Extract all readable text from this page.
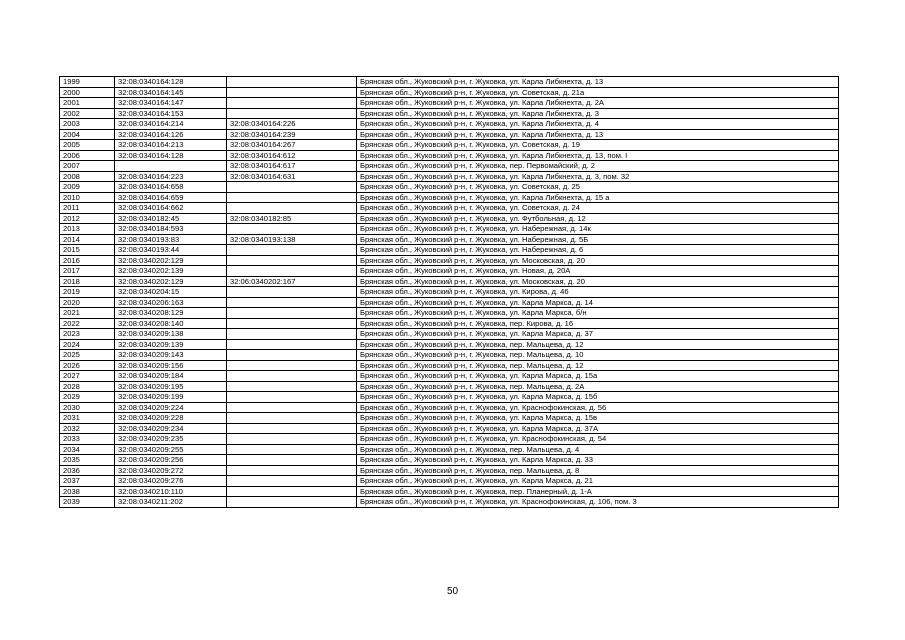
1999	32:08:0340164:128		Брянская обл., Жуковский р-н, г. Жуковка, ул. Карла Либкнехта, д. 13
2000	32:08:0340164:145		Брянская обл., Жуковский р-н, г. Жуковка, ул. Советская, д. 21а
2001	32:08:0340164:147		Брянская обл., Жуковский р-н, г. Жуковка, ул. Карла Либкнехта, д. 2А
2002	32:08:0340164:153		Брянская обл., Жуковский р-н, г. Жуковка, ул. Карла Либкнехта, д. 3
2003	32:08:0340164:214	32:08:0340164:226	Брянская обл., Жуковский р-н, г. Жуковка, ул. Карла Либкнехта, д. 4
2004	32:08:0340164:126	32:08:0340164:239	Брянская обл., Жуковский р-н, г. Жуковка, ул. Карла Либкнехта, д. 13
2005	32:08:0340164:213	32:08:0340164:267	Брянская обл., Жуковский р-н, г. Жуковка, ул. Советская, д. 19
2006	32:08:0340164:128	32:08:0340164:612	Брянская обл., Жуковский р-н, г. Жуковка, ул. Карла Либкнехта, д. 13, пом. I
2007		32:08:0340164:617	Брянская обл., Жуковский р-н, г. Жуковка, пер. Первомайский, д. 2
2008	32:08:0340164:223	32:08:0340164:631	Брянская обл., Жуковский р-н, г. Жуковка, ул. Карла Либкнехта, д. 3, пом. 32
2009	32:08:0340164:658		Брянская обл., Жуковский р-н, г. Жуковка, ул. Советская, д. 25
2010	32:08:0340164:659		Брянская обл., Жуковский р-н, г. Жуковка, ул. Карла Либкнехта, д. 15 а
2011	32:08:0340164:662		Брянская обл., Жуковский р-н, г. Жуковка, ул. Советская, д. 24
2012	32:08:0340182:45	32:08:0340182:85	Брянская обл., Жуковский р-н, г. Жуковка, ул. Футбольная, д. 12
2013	32:08:0340184:593		Брянская обл., Жуковский р-н, г. Жуковка, ул. Набережная, д. 14к
2014	32:08:0340193:83	32:08:0340193:138	Брянская обл., Жуковский р-н, г. Жуковка, ул. Набережная, д. 5Б
2015	32:08:0340193:44		Брянская обл., Жуковский р-н, г. Жуковка, ул. Набережная, д. 6
2016	32:08:0340202:129		Брянская обл., Жуковский р-н, г. Жуковка, ул. Московская, д. 20
2017	32:08:0340202:139		Брянская обл., Жуковский р-н, г. Жуковка, ул. Новая, д. 20А
2018	32:08:0340202:129	32:06:0340202:167	Брянская обл., Жуковский р-н, г. Жуковка, ул. Московская, д. 20
2019	32:08:0340204:15		Брянская обл., Жуковский р-н, г. Жуковка, ул. Кирова, д. 46
2020	32:08:0340206:163		Брянская обл., Жуковский р-н, г. Жуковка, ул. Карла Маркса, д. 14
2021	32:08:0340208:129		Брянская обл., Жуковский р-н, г. Жуковка, ул. Карла Маркса, б/н
2022	32:08:0340208:140		Брянская обл., Жуковский р-н, г. Жуковка, пер. Кирова, д. 16
2023	32:08:0340209:138		Брянская обл., Жуковский р-н, г. Жуковка, ул. Карла Маркса, д. 37
2024	32:08:0340209:139		Брянская обл., Жуковский р-н, г. Жуковка, пер. Мальцева, д. 12
2025	32:08:0340209:143		Брянская обл., Жуковский р-н, г. Жуковка, пер. Мальцева, д. 10
2026	32:08:0340209:156		Брянская обл., Жуковский р-н, г. Жуковка, пер. Мальцева, д. 12
2027	32:08:0340209:184		Брянская обл., Жуковский р-н, г. Жуковка, ул. Карла Маркса, д. 15а
2028	32:08:0340209:195		Брянская обл., Жуковский р-н, г. Жуковка, пер. Мальцева, д. 2А
2029	32:08:0340209:199		Брянская обл., Жуковский р-н, г. Жуковка, ул. Карла Маркса, д. 15б
2030	32:08:0340209:224		Брянская обл., Жуковский р-н, г. Жуковка, ул. Краснофокинская, д. 56
2031	32:08:0340209:228		Брянская обл., Жуковский р-н, г. Жуковка, ул. Карла Маркса, д. 15в
2032	32:08:0340209:234		Брянская обл., Жуковский р-н, г. Жуковка, ул. Карла Маркса, д. 37А
2033	32:08:0340209:235		Брянская обл., Жуковский р-н, г. Жуковка, ул. Краснофокинская, д. 54
2034	32:08:0340209:255		Брянская обл., Жуковский р-н, г. Жуковка, пер. Мальцева, д. 4
2035	32:08:0340209:256		Брянская обл., Жуковский р-н, г. Жуковка, ул. Карла Маркса, д. 33
2036	32:08:0340209:272		Брянская обл., Жуковский р-н, г. Жуковка, пер. Мальцева, д. 8
2037	32:08:0340209:276		Брянская обл., Жуковский р-н, г. Жуковка, ул. Карла Маркса, д. 21
2038	32:08:0340210:110		Брянская обл., Жуковский р-н, г. Жуковка, пер. Планерный, д. 1-А
2039	32:08:0340211:202		Брянская обл., Жуковский р-н, г. Жуковка, ул. Краснофокинская, д. 106, пом. 3
50
